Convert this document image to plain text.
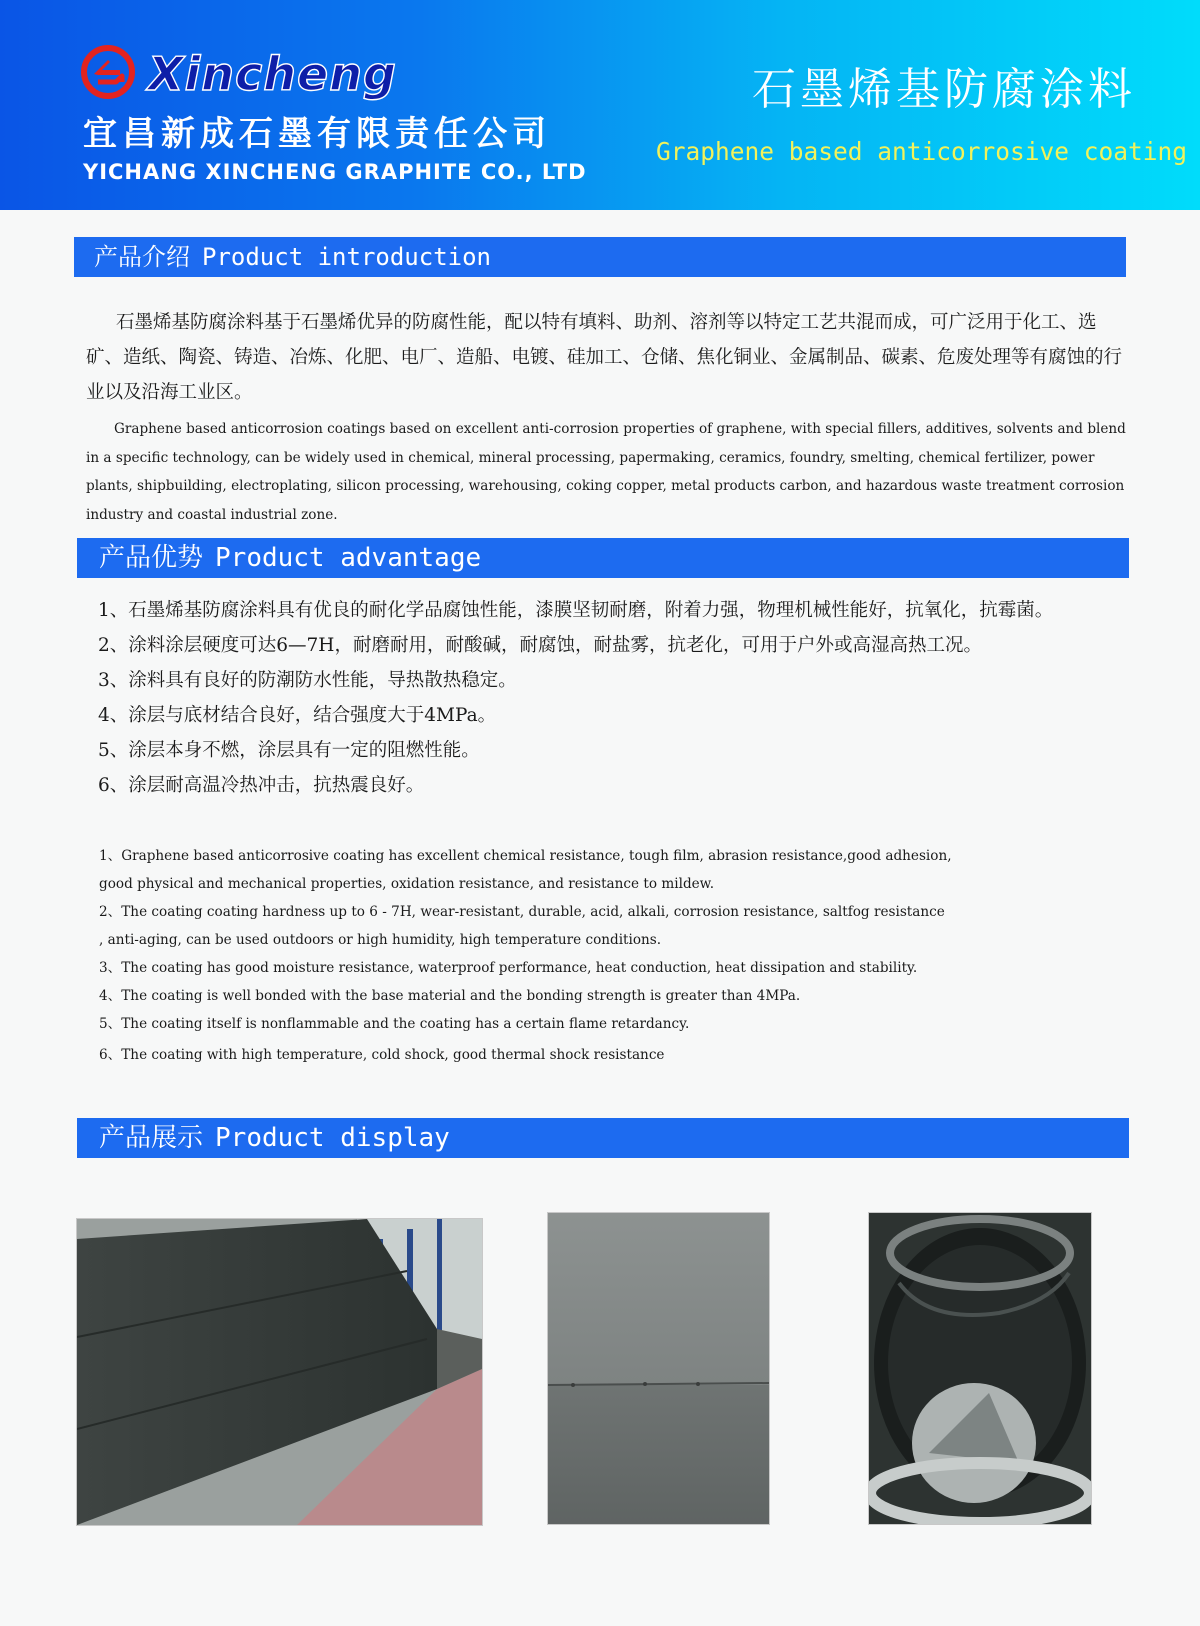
Xincheng
宜昌新成石墨有限责任公司
YICHANG XINCHENG GRAPHITE CO., LTD
石墨烯基防腐涂料
Graphene based anticorrosive coating
产品介绍 Product introduction
石墨烯基防腐涂料基于石墨烯优异的防腐性能，配以特有填料、助剂、溶剂等以特定工艺共混而成，可广泛用于化工、选矿、造纸、陶瓷、铸造、冶炼、化肥、电厂、造船、电镀、硅加工、仓储、焦化铜业、金属制品、碳素、危废处理等有腐蚀的行业以及沿海工业区。
Graphene based anticorrosion coatings based on excellent anti-corrosion properties of graphene, with special fillers, additives, solvents and blend in a specific technology, can be widely used in chemical, mineral processing, papermaking, ceramics, foundry, smelting, chemical fertilizer, power plants, shipbuilding, electroplating, silicon processing, warehousing, coking copper, metal products carbon, and hazardous waste treatment corrosion industry and coastal industrial zone.
产品优势 Product advantage
1、石墨烯基防腐涂料具有优良的耐化学品腐蚀性能，漆膜坚韧耐磨，附着力强，物理机械性能好，抗氧化，抗霉菌。
2、涂料涂层硬度可达6—7H，耐磨耐用，耐酸碱，耐腐蚀，耐盐雾，抗老化，可用于户外或高湿高热工况。
3、涂料具有良好的防潮防水性能，导热散热稳定。
4、涂层与底材结合良好，结合强度大于4MPa。
5、涂层本身不燃，涂层具有一定的阻燃性能。
6、涂层耐高温冷热冲击，抗热震良好。
1、Graphene based anticorrosive coating has excellent chemical resistance, tough film, abrasion resistance,good adhesion,
good physical and mechanical properties, oxidation resistance, and resistance to mildew.
2、The coating coating hardness up to 6 - 7H, wear-resistant, durable, acid, alkali, corrosion resistance, saltfog resistance
, anti-aging, can be used outdoors or high humidity, high temperature conditions.
3、The coating has good moisture resistance, waterproof performance, heat conduction, heat dissipation and stability.
4、The coating is well bonded with the base material and the bonding strength is greater than 4MPa.
5、The coating itself is nonflammable and the coating has a certain flame retardancy.
6、The coating with high temperature, cold shock, good thermal shock resistance
产品展示 Product display
